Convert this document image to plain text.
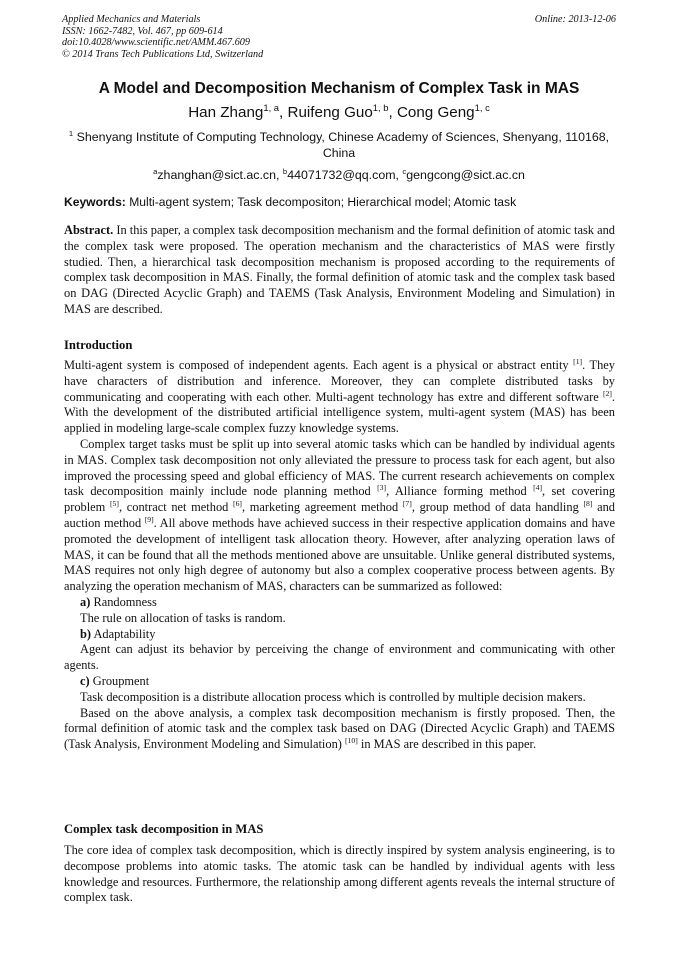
Applied Mechanics and Materials
ISSN: 1662-7482, Vol. 467, pp 609-614
doi:10.4028/www.scientific.net/AMM.467.609
© 2014 Trans Tech Publications Ltd, Switzerland
Online: 2013-12-06
A Model and Decomposition Mechanism of Complex Task in MAS
Han Zhang$^{1, a}$, Ruifeng Guo$^{1, b}$, Cong Geng$^{1, c}$
$^1$ Shenyang Institute of Computing Technology, Chinese Academy of Sciences, Shenyang, 110168, China
$^a$zhanghan@sict.ac.cn, $^b$44071732@qq.com, $^c$gengcong@sict.ac.cn
Keywords: Multi-agent system; Task decompositon; Hierarchical model; Atomic task

Abstract. In this paper, a complex task decomposition mechanism and the formal definition of atomic task and the complex task were proposed. The operation mechanism and the characteristics of MAS were firstly studied. Then, a hierarchical task decomposition mechanism is proposed according to the requirements of complex task decomposition in MAS. Finally, the formal definition of atomic task and the complex task based on DAG (Directed Acyclic Graph) and TAEMS (Task Analysis, Environment Modeling and Simulation) in MAS are described.

Introduction

Multi-agent system is composed of independent agents. Each agent is a physical or abstract entity [1]. They have characters of distribution and inference. Moreover, they can complete distributed tasks by communicating and cooperating with each other. Multi-agent technology has extre and different software [2]. With the development of the distributed artificial intelligence system, multi-agent system (MAS) has been applied in modeling large-scale complex fuzzy knowledge systems.

Complex target tasks must be split up into several atomic tasks which can be handled by individual agents in MAS. Complex task decomposition not only alleviated the pressure to process task for each agent, but also improved the processing speed and global efficiency of MAS. The current research achievements on complex task decomposition mainly include node planning method [3], Alliance forming method [4], set covering problem [5], contract net method [6], marketing agreement method [7], group method of data handling [8] and auction method [9]. All above methods have achieved success in their respective application domains and have promoted the development of intelligent task allocation theory. However, after analyzing operation laws of MAS, it can be found that all the methods mentioned above are unsuitable. Unlike general distributed systems, MAS requires not only high degree of autonomy but also a complex cooperative process between agents. By analyzing the operation mechanism of MAS, characters can be summarized as followed:

a) Randomness

The rule on allocation of tasks is random.

b) Adaptability

Agent can adjust its behavior by perceiving the change of environment and communicating with other agents.

c) Groupment

Task decomposition is a distribute allocation process which is controlled by multiple decision makers.

Based on the above analysis, a complex task decomposition mechanism is firstly proposed. Then, the formal definition of atomic task and the complex task based on DAG (Directed Acyclic Graph) and TAEMS (Task Analysis, Environment Modeling and Simulation) [10] in MAS are described in this paper.

Complex task decomposition in MAS

The core idea of complex task decomposition, which is directly inspired by system analysis engineering, is to decompose problems into atomic tasks. The atomic task can be handled by individual agents with less knowledge and resources. Furthermore, the relationship among different agents reveals the internal structure of complex task.
